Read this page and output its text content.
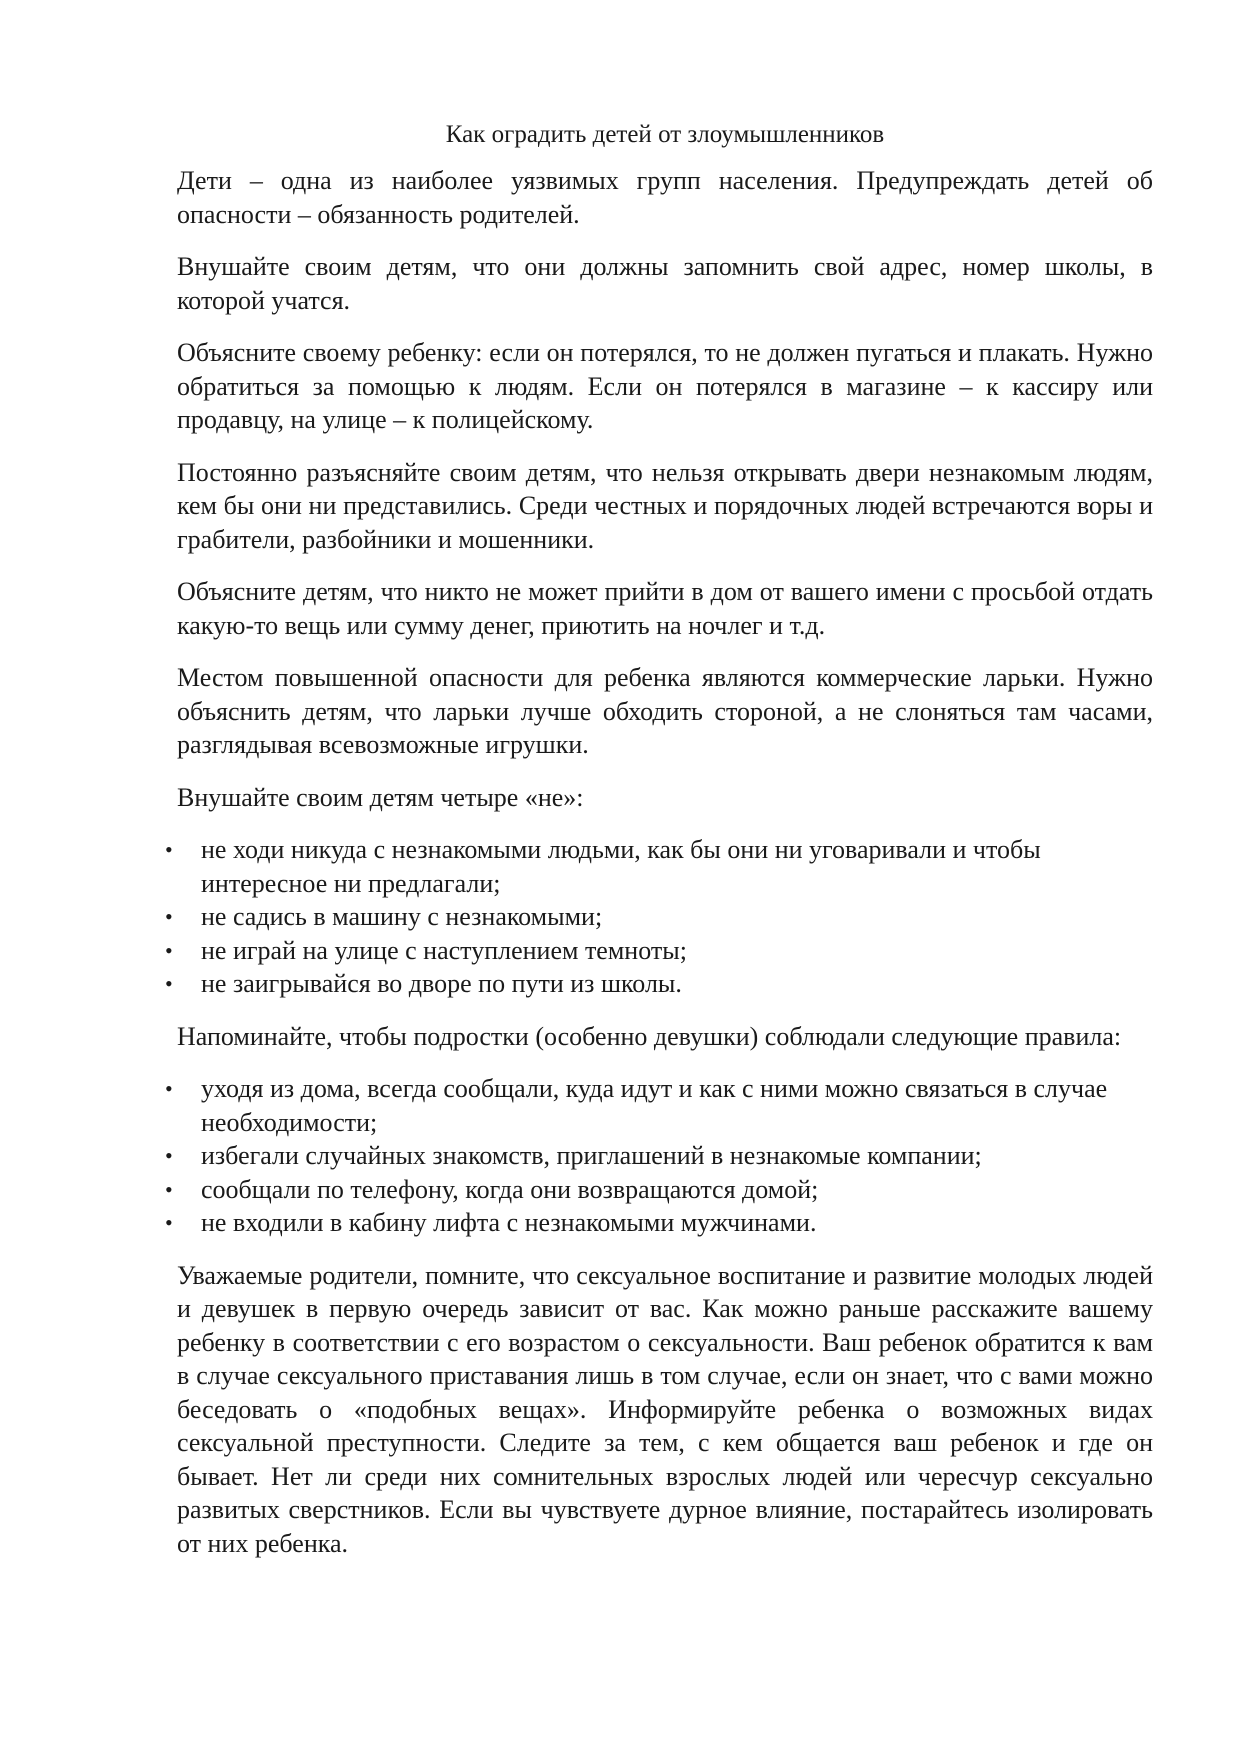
Как оградить детей от злоумышленников

Дети – одна из наиболее уязвимых групп населения. Предупреждать детей об опасности – обязанность родителей.

Внушайте своим детям, что они должны запомнить свой адрес, номер школы, в которой учатся.

Объясните своему ребенку: если он потерялся, то не должен пугаться и плакать. Нужно обратиться за помощью к людям. Если он потерялся в магазине – к кассиру или продавцу, на улице – к полицейскому.

Постоянно разъясняйте своим детям, что нельзя открывать двери незнакомым людям, кем бы они ни представились. Среди честных и порядочных людей встречаются воры и грабители, разбойники и мошенники.

Объясните детям, что никто не может прийти в дом от вашего имени с просьбой отдать какую-то вещь или сумму денег, приютить на ночлег и т.д.

Местом повышенной опасности для ребенка являются коммерческие ларьки. Нужно объяснить детям, что ларьки лучше обходить стороной, а не слоняться там часами, разглядывая всевозможные игрушки.

Внушайте своим детям четыре «не»:

• не ходи никуда с незнакомыми людьми, как бы они ни уговаривали и чтобы интересное ни предлагали;
• не садись в машину с незнакомыми;
• не играй на улице с наступлением темноты;
• не заигрывайся во дворе по пути из школы.

Напоминайте, чтобы подростки (особенно девушки) соблюдали следующие правила:

• уходя из дома, всегда сообщали, куда идут и как с ними можно связаться в случае необходимости;
• избегали случайных знакомств, приглашений в незнакомые компании;
• сообщали по телефону, когда они возвращаются домой;
• не входили в кабину лифта с незнакомыми мужчинами.

Уважаемые родители, помните, что сексуальное воспитание и развитие молодых людей и девушек в первую очередь зависит от вас. Как можно раньше расскажите вашему ребенку в соответствии с его возрастом о сексуальности. Ваш ребенок обратится к вам в случае сексуального приставания лишь в том случае, если он знает, что с вами можно беседовать о «подобных вещах». Информируйте ребенка о возможных видах сексуальной преступности. Следите за тем, с кем общается ваш ребенок и где он бывает. Нет ли среди них сомнительных взрослых людей или чересчур сексуально развитых сверстников. Если вы чувствуете дурное влияние, постарайтесь изолировать от них ребенка.
